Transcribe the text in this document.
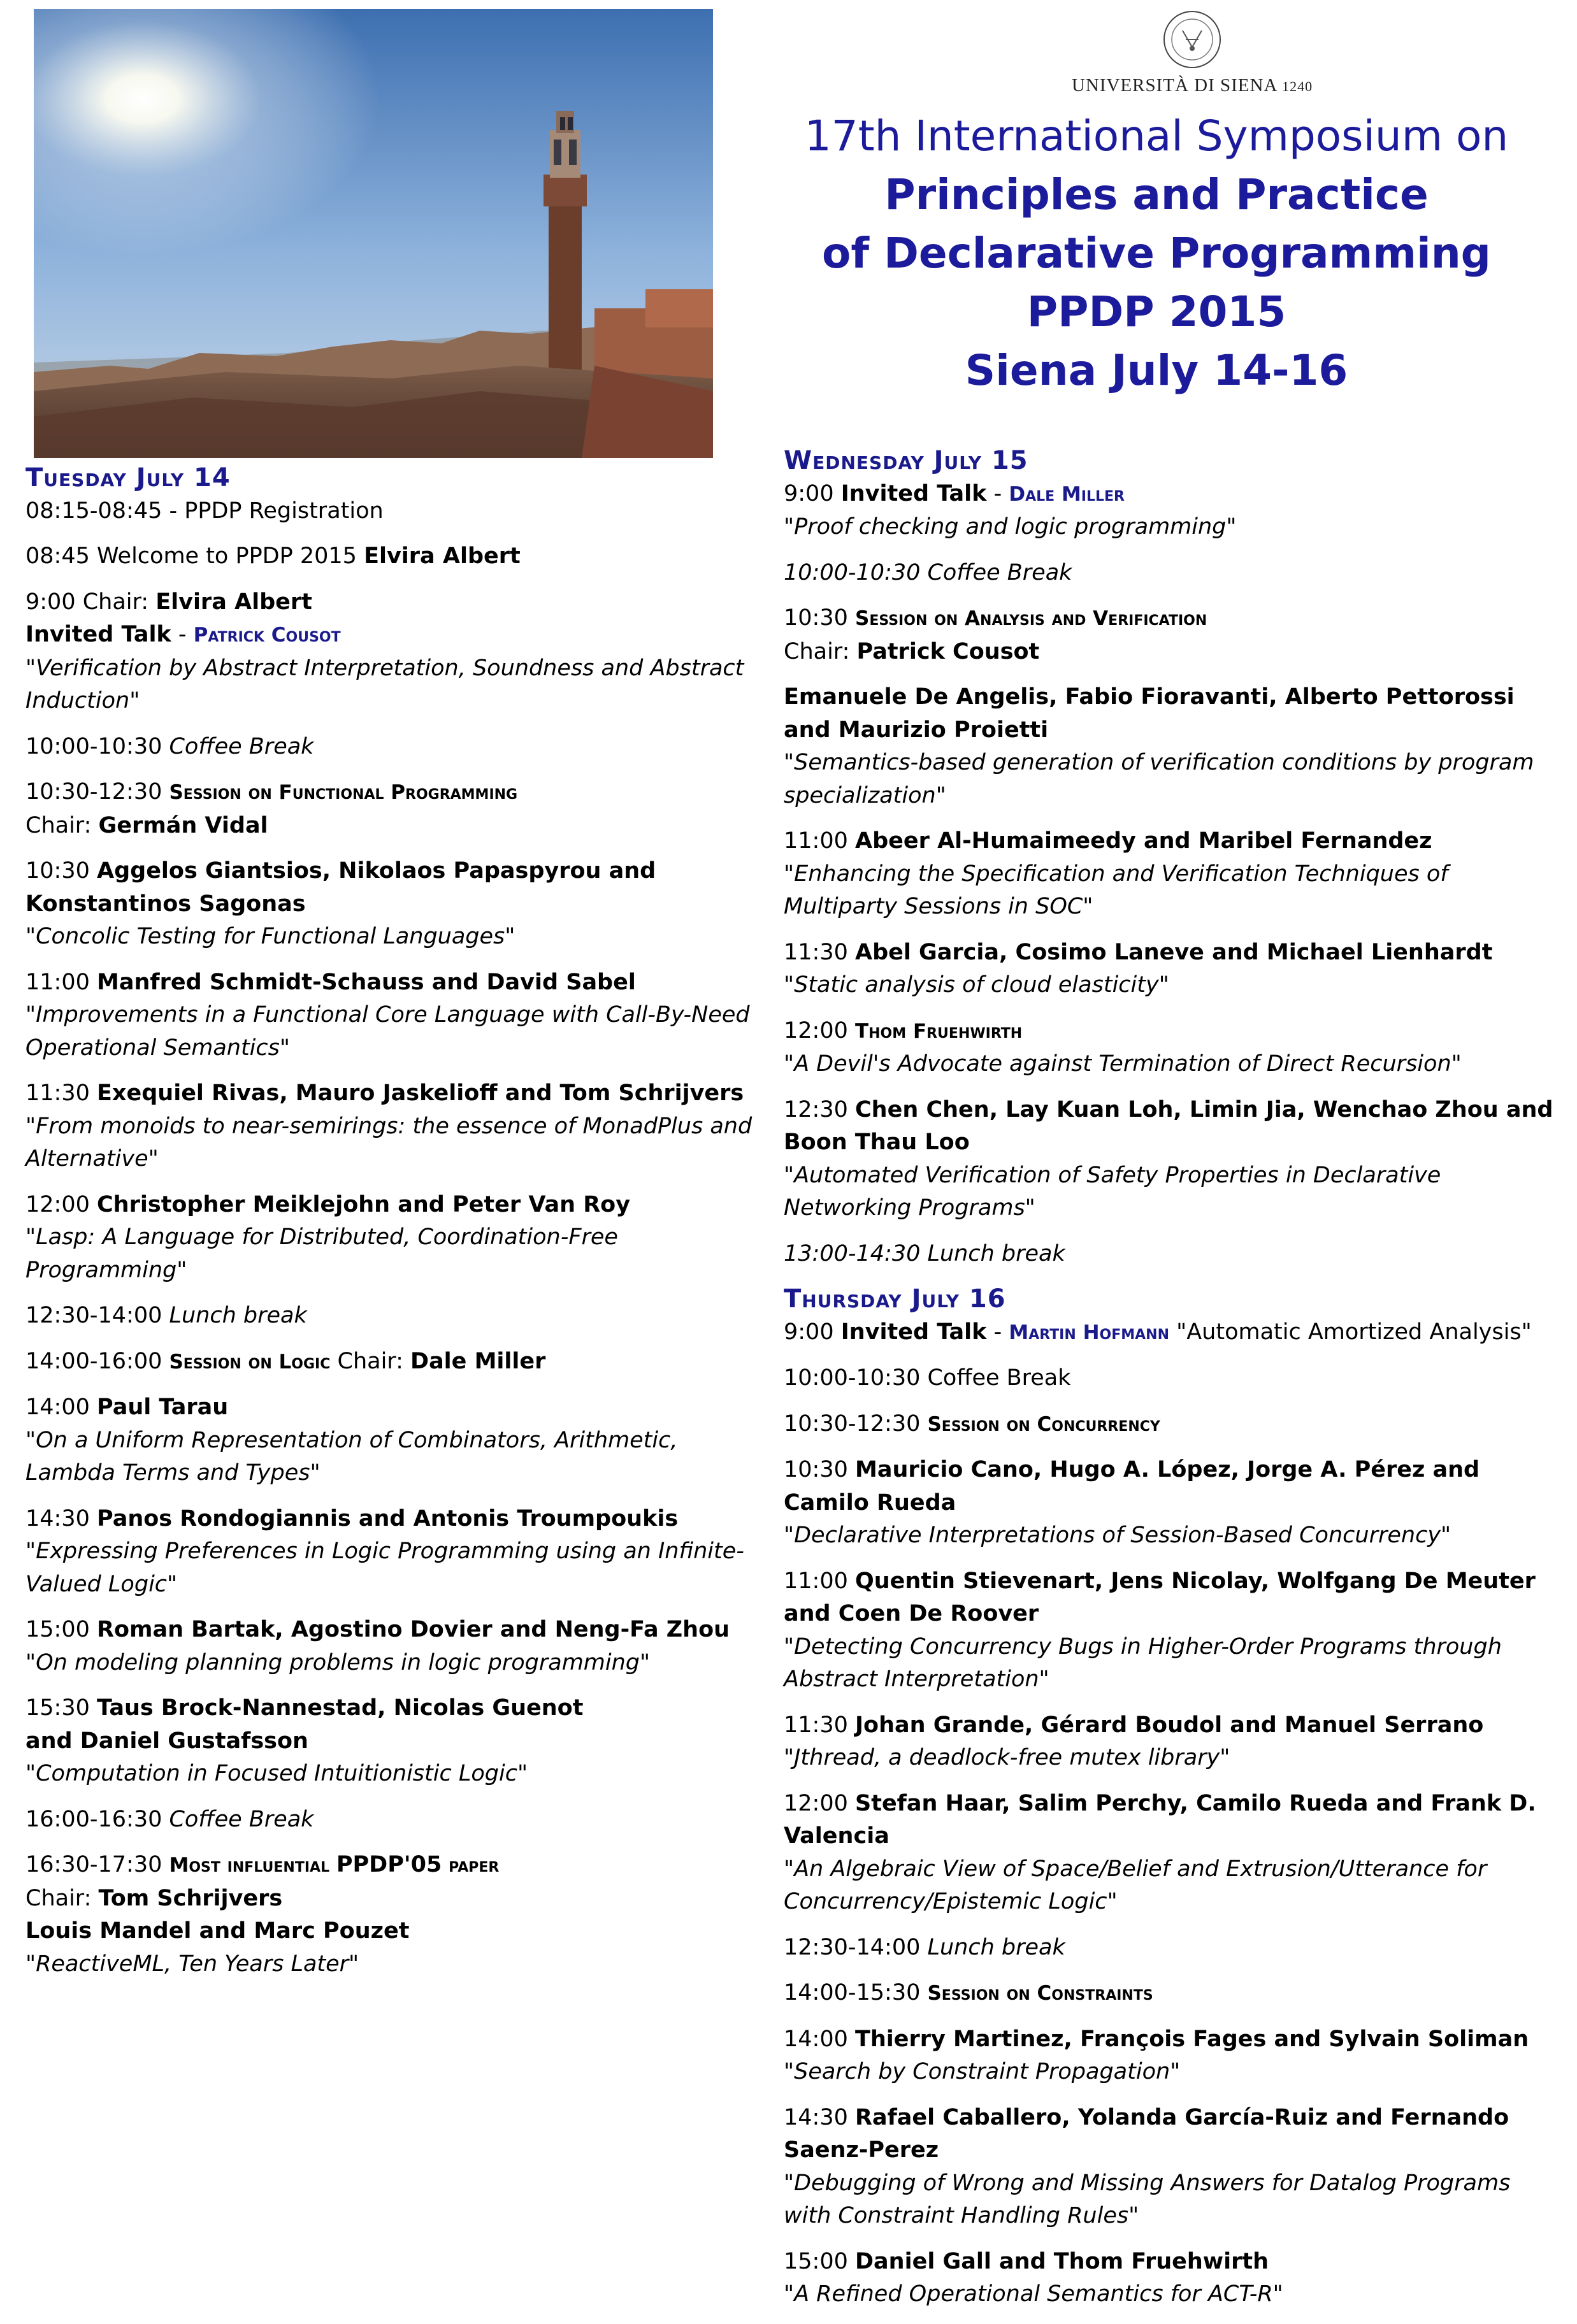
UNIVERSITÀ DI SIENA 1240
17th International Symposium on
Principles and Practice
of Declarative Programming
PPDP 2015
Siena July 14-16
Tuesday July 14
08:15-08:45 - PPDP Registration
08:45 Welcome to PPDP 2015 Elvira Albert
9:00 Chair: Elvira Albert
Invited Talk - Patrick Cousot
"Verification by Abstract Interpretation, Soundness and Abstract Induction"
10:00-10:30 Coffee Break
10:30-12:30 Session on Functional Programming
Chair: Germán Vidal
10:30 Aggelos Giantsios, Nikolaos Papaspyrou and Konstantinos Sagonas
"Concolic Testing for Functional Languages"
11:00 Manfred Schmidt-Schauss and David Sabel
"Improvements in a Functional Core Language with Call-By-Need Operational Semantics"
11:30 Exequiel Rivas, Mauro Jaskelioff and Tom Schrijvers
"From monoids to near-semirings: the essence of MonadPlus and Alternative"
12:00 Christopher Meiklejohn and Peter Van Roy
"Lasp: A Language for Distributed, Coordination-Free Programming"
12:30-14:00 Lunch break
14:00-16:00 Session on Logic Chair: Dale Miller
14:00 Paul Tarau
"On a Uniform Representation of Combinators, Arithmetic, Lambda Terms and Types"
14:30 Panos Rondogiannis and Antonis Troumpoukis
"Expressing Preferences in Logic Programming using an Infinite-Valued Logic"
15:00 Roman Bartak, Agostino Dovier and Neng-Fa Zhou
"On modeling planning problems in logic programming"
15:30 Taus Brock-Nannestad, Nicolas Guenot
and Daniel Gustafsson
"Computation in Focused Intuitionistic Logic"
16:00-16:30 Coffee Break
16:30-17:30 Most influential PPDP'05 paper
Chair: Tom Schrijvers
Louis Mandel and Marc Pouzet
"ReactiveML, Ten Years Later"
Wednesday July 15
9:00 Invited Talk - Dale Miller
"Proof checking and logic programming"
10:00-10:30 Coffee Break
10:30 Session on Analysis and Verification
Chair: Patrick Cousot
Emanuele De Angelis, Fabio Fioravanti, Alberto Pettorossi and Maurizio Proietti
"Semantics-based generation of verification conditions by program specialization"
11:00 Abeer Al-Humaimeedy and Maribel Fernandez
"Enhancing the Specification and Verification Techniques of Multiparty Sessions in SOC"
11:30 Abel Garcia, Cosimo Laneve and Michael Lienhardt
"Static analysis of cloud elasticity"
12:00 Thom Fruehwirth
"A Devil's Advocate against Termination of Direct Recursion"
12:30 Chen Chen, Lay Kuan Loh, Limin Jia, Wenchao Zhou and Boon Thau Loo
"Automated Verification of Safety Properties in Declarative Networking Programs"
13:00-14:30 Lunch break
Thursday July 16
9:00 Invited Talk - Martin Hofmann "Automatic Amortized Analysis"
10:00-10:30 Coffee Break
10:30-12:30 Session on Concurrency
10:30 Mauricio Cano, Hugo A. López, Jorge A. Pérez and Camilo Rueda
"Declarative Interpretations of Session-Based Concurrency"
11:00 Quentin Stievenart, Jens Nicolay, Wolfgang De Meuter
and Coen De Roover
"Detecting Concurrency Bugs in Higher-Order Programs through Abstract Interpretation"
11:30 Johan Grande, Gérard Boudol and Manuel Serrano
"Jthread, a deadlock-free mutex library"
12:00 Stefan Haar, Salim Perchy, Camilo Rueda and Frank D. Valencia
"An Algebraic View of Space/Belief and Extrusion/Utterance for Concurrency/Epistemic Logic"
12:30-14:00 Lunch break
14:00-15:30 Session on Constraints
14:00 Thierry Martinez, François Fages and Sylvain Soliman
"Search by Constraint Propagation"
14:30 Rafael Caballero, Yolanda García-Ruiz and Fernando Saenz-Perez
"Debugging of Wrong and Missing Answers for Datalog Programs with Constraint Handling Rules"
15:00 Daniel Gall and Thom Fruehwirth
"A Refined Operational Semantics for ACT-R"
